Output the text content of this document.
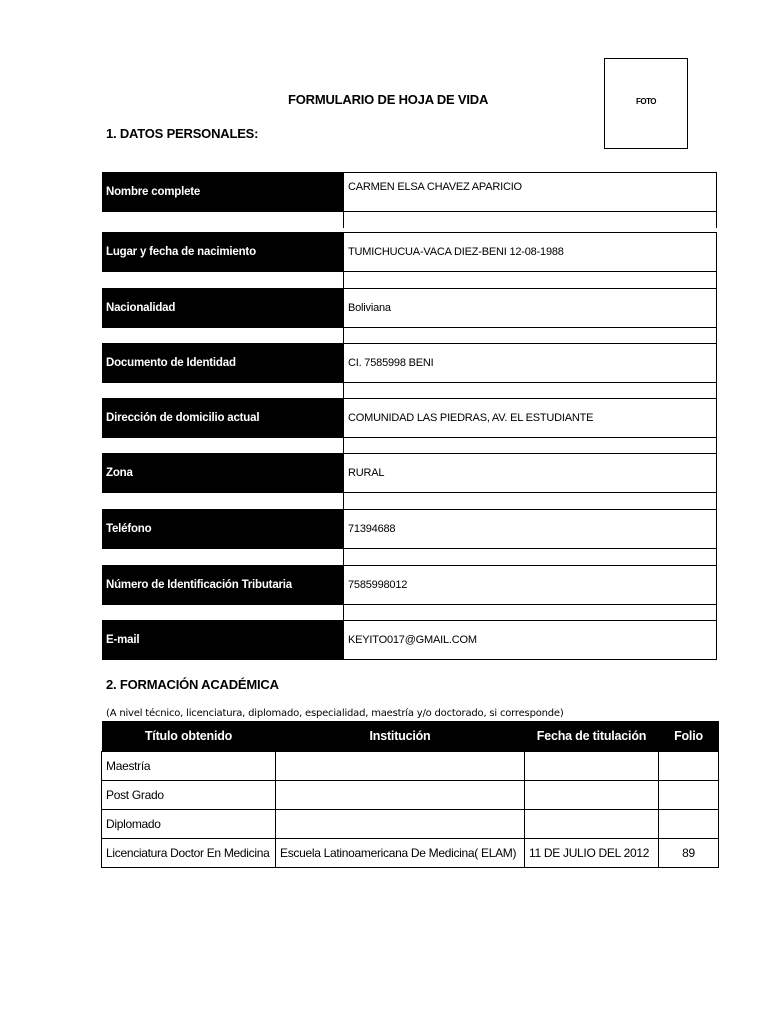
FORMULARIO DE HOJA DE VIDA	FOTO
1. DATOS PERSONALES:
Nombre complete	CARMEN ELSA CHAVEZ APARICIO
Lugar y fecha de nacimiento	TUMICHUCUA-VACA DIEZ-BENI 12-08-1988
Nacionalidad	Boliviana
Documento de Identidad	CI. 7585998 BENI
Dirección de domicilio actual	COMUNIDAD LAS PIEDRAS, AV. EL ESTUDIANTE
Zona	RURAL
Teléfono	71394688
Número de Identificación Tributaria	7585998012
E-mail	KEYITO017@GMAIL.COM
2. FORMACIÓN ACADÉMICA
(A nivel técnico, licenciatura, diplomado, especialidad, maestría y/o doctorado, si corresponde)
Título obtenido	Institución	Fecha de titulación	Folio
Maestría			
Post Grado			
Diplomado			
Licenciatura Doctor En Medicina	Escuela Latinoamericana De Medicina( ELAM)	11 DE JULIO DEL 2012	89
